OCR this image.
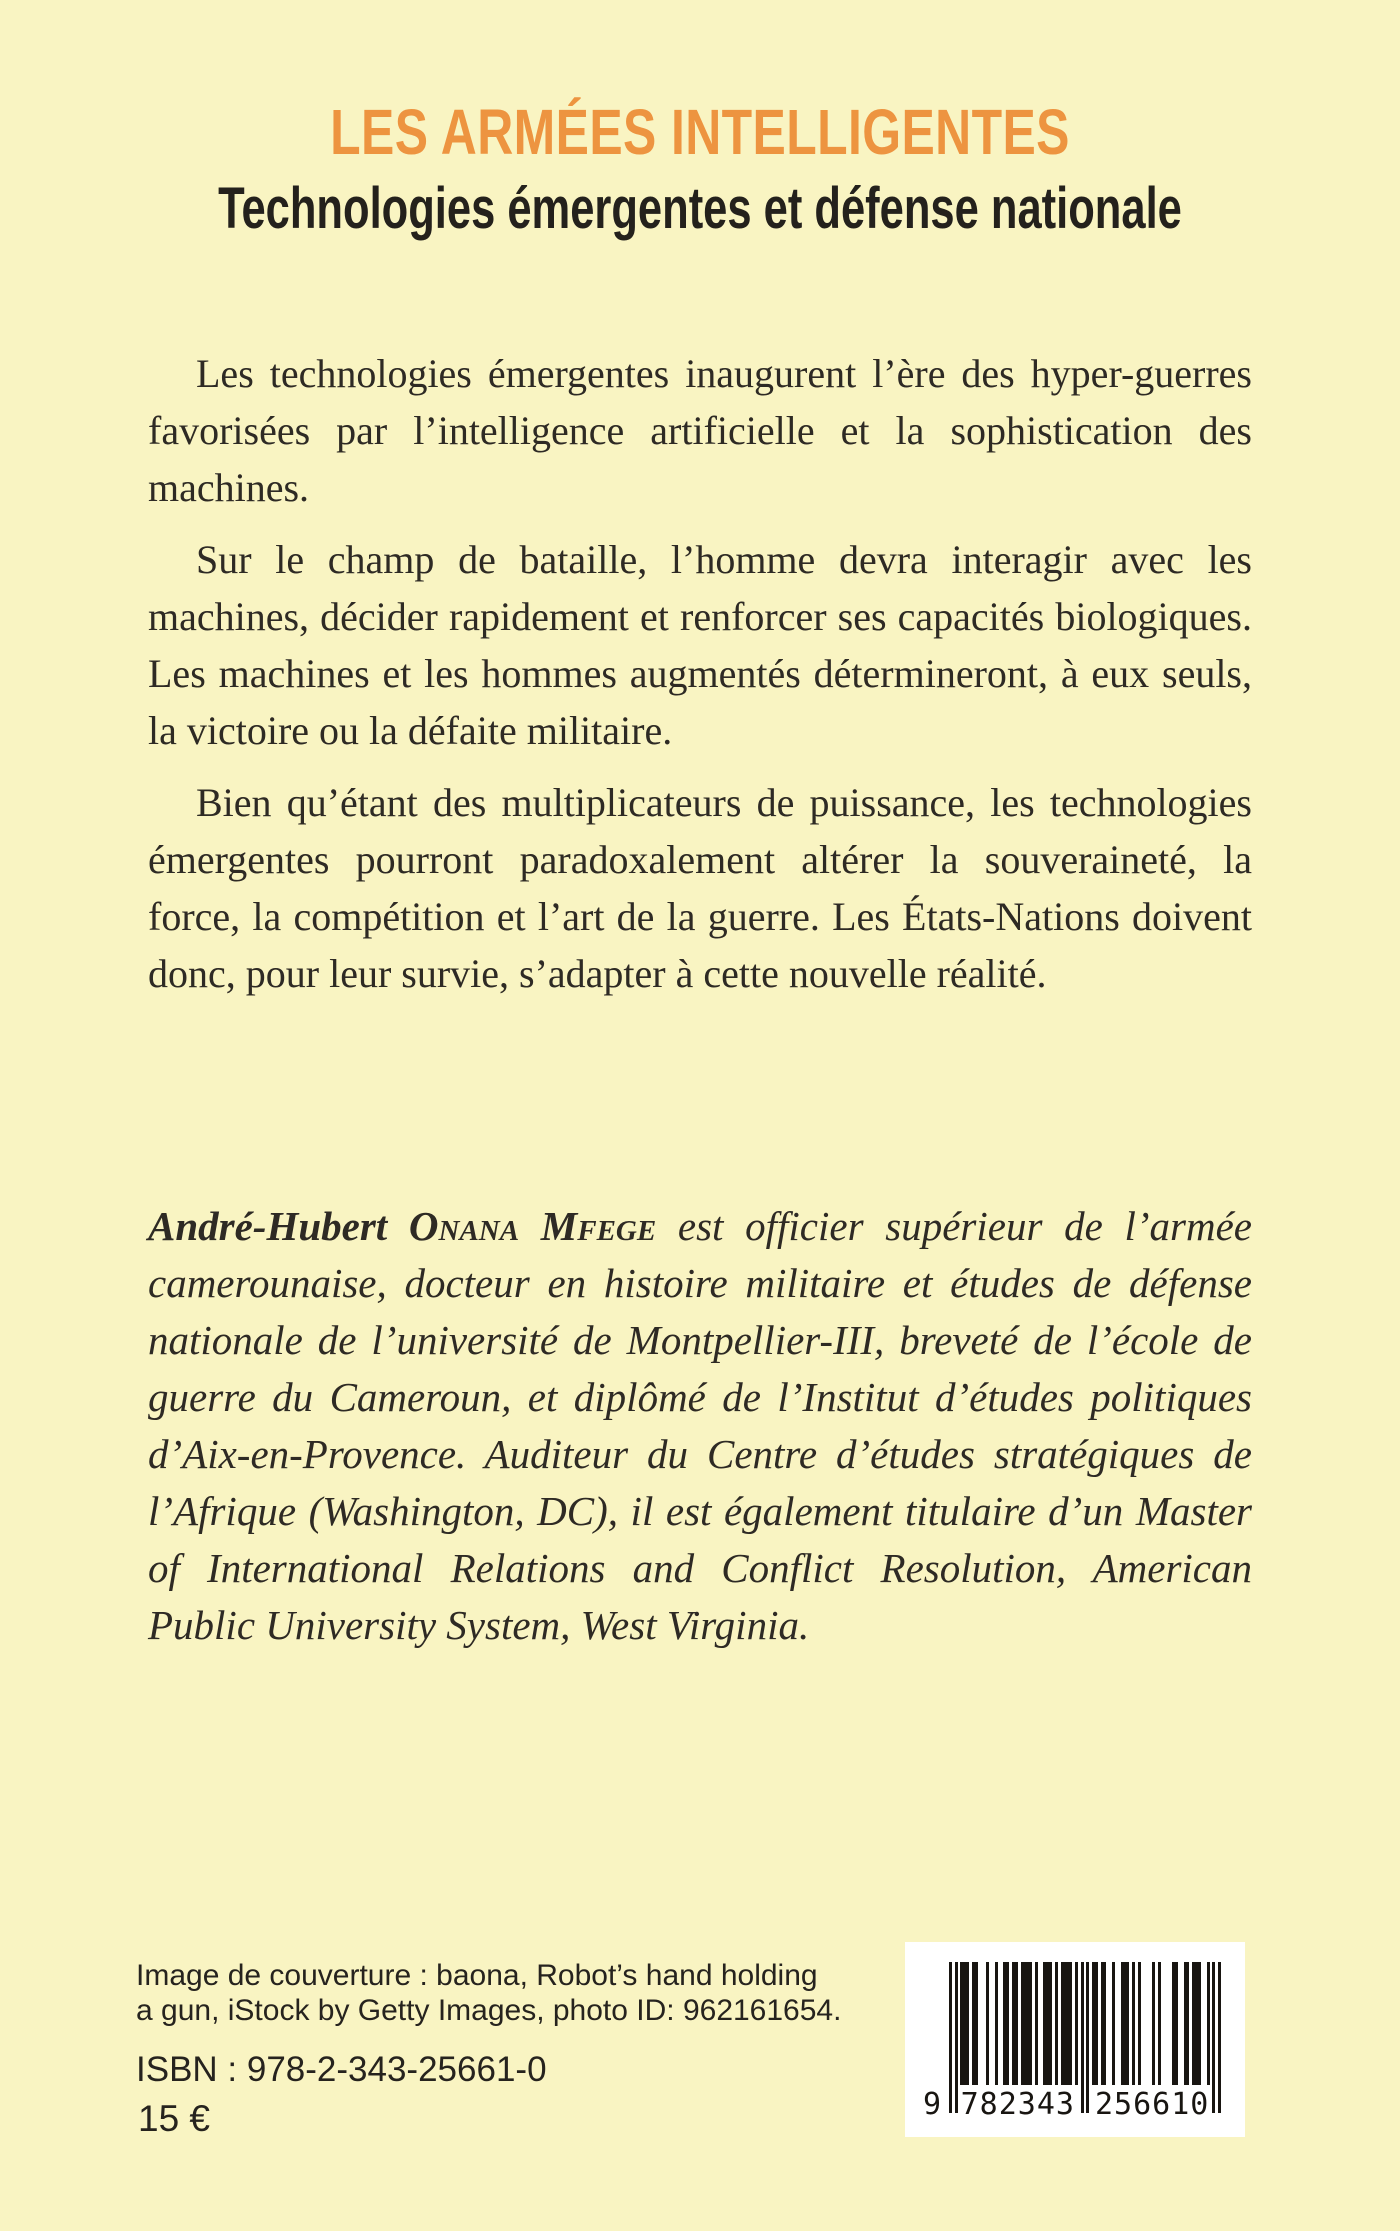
LES ARMÉES INTELLIGENTES
Technologies émergentes et défense nationale

Les technologies émergentes inaugurent l’ère des hyper-guerres favorisées par l’intelligence artificielle et la sophistication des machines.

Sur le champ de bataille, l’homme devra interagir avec les machines, décider rapidement et renforcer ses capacités biologiques. Les machines et les hommes augmentés détermineront, à eux seuls, la victoire ou la défaite militaire.

Bien qu’étant des multiplicateurs de puissance, les technologies émergentes pourront paradoxalement altérer la souveraineté, la force, la compétition et l’art de la guerre. Les États-Nations doivent donc, pour leur survie, s’adapter à cette nouvelle réalité.

André-Hubert Onana Mfege est officier supérieur de l’armée camerounaise, docteur en histoire militaire et études de défense nationale de l’université de Montpellier-III, breveté de l’école de guerre du Cameroun, et diplômé de l’Institut d’études politiques d’Aix-en-Provence. Auditeur du Centre d’études stratégiques de l’Afrique (Washington, DC), il est également titulaire d’un Master of International Relations and Conflict Resolution, American Public University System, West Virginia.

Image de couverture : baona, Robot’s hand holding
a gun, iStock by Getty Images, photo ID: 962161654.
ISBN : 978-2-343-25661-0
15 €	9 782343 256610
